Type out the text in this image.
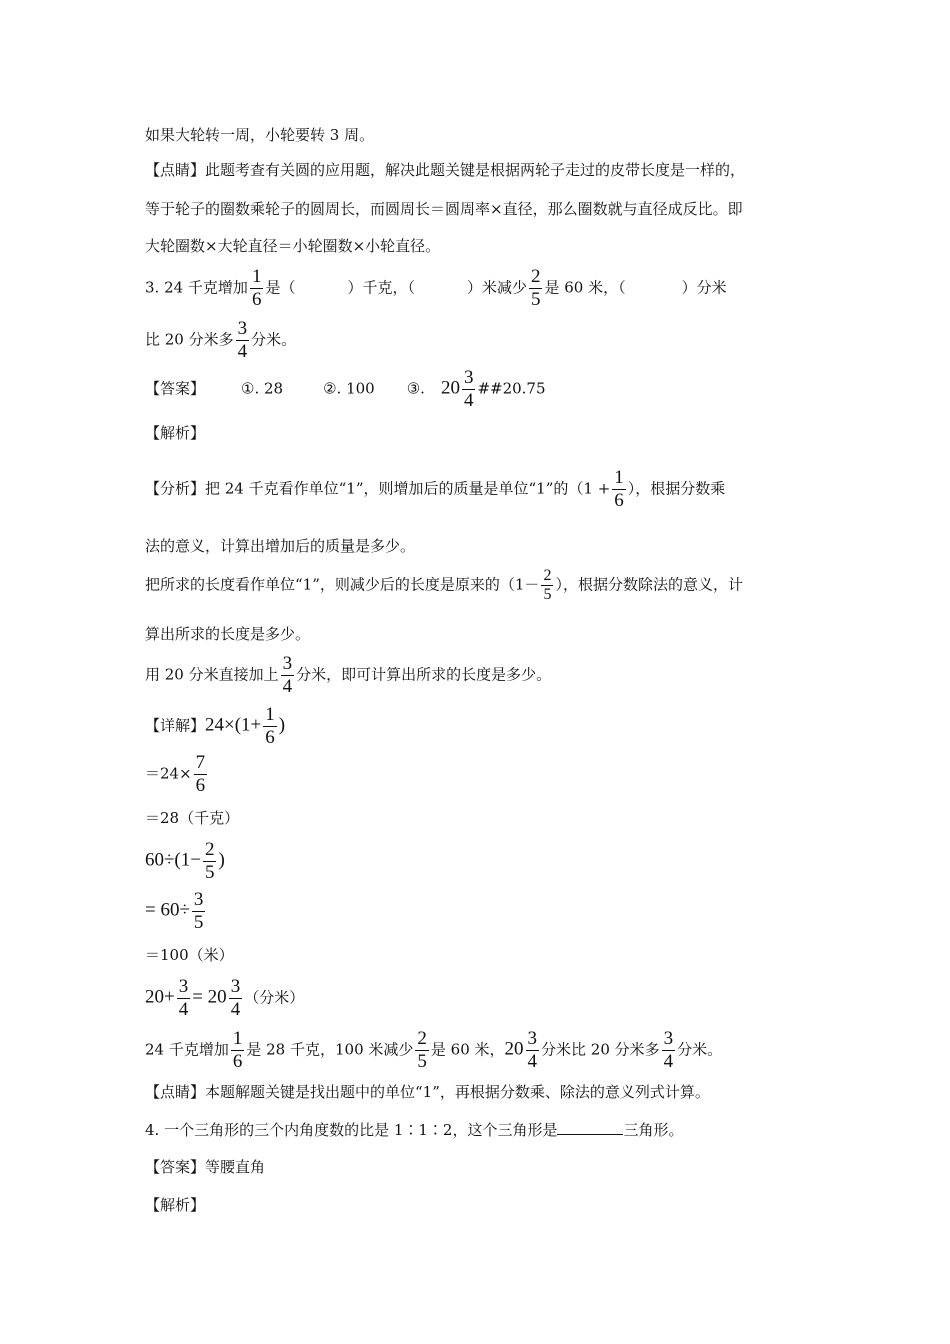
如果大轮转一周，小轮要转 3 周。
【点睛】此题考查有关圆的应用题，解决此题关键是根据两轮子走过的皮带长度是一样的，
等于轮子的圈数乘轮子的圆周长，而圆周长＝圆周率×直径，那么圈数就与直径成反比。即
大轮圈数×大轮直径＝小轮圈数×小轮直径。
3. 24 千克增加 $\frac{1}{6}$ 是（	）千克，（	）米减少 $\frac{2}{5}$ 是 60 米，（	）分米
比 20 分米多 $\frac{3}{4}$ 分米。
【答案】 ①. 28	②. 100 ③. $20 \frac{3}{4}$ ##20.75
【解析】
【分析】把 24 千克看作单位“1”，则增加后的质量是单位“1”的（$1 + \frac{1}{6}$ ），根据分数乘
法的意义，计算出增加后的质量是多少。
把所求的长度看作单位“1”，则减少后的长度是原来的（$1- \frac{2}{5}$ ），根据分数除法的意义，计
算出所求的长度是多少。
用 20 分米直接加上 $\frac{3}{4}$ 分米，即可计算出所求的长度是多少。
【详解】$24\times(1+ \frac{1}{6}$ )
$=24\times \frac{7}{6}$
＝28（千克）
$60\div(1- \frac{2}{5}$ )
= $60\div \frac{3}{5}$
＝100（米）
$20+ \frac{3}{4} = 20 \frac{3}{4}$ （分米）
24 千克增加 $\frac{1}{6}$ 是 28 千克，100 米减少 $\frac{2}{5}$ 是 60 米，$20 \frac{3}{4}$ 分米比 20 分米多 $\frac{3}{4}$ 分米。
【点睛】本题解题关键是找出题中的单位“1”，再根据分数乘、除法的意义列式计算。
4. 一个三角形的三个内角度数的比是 1∶1∶2，这个三角形是	三角形。
【答案】等腰直角
【解析】
